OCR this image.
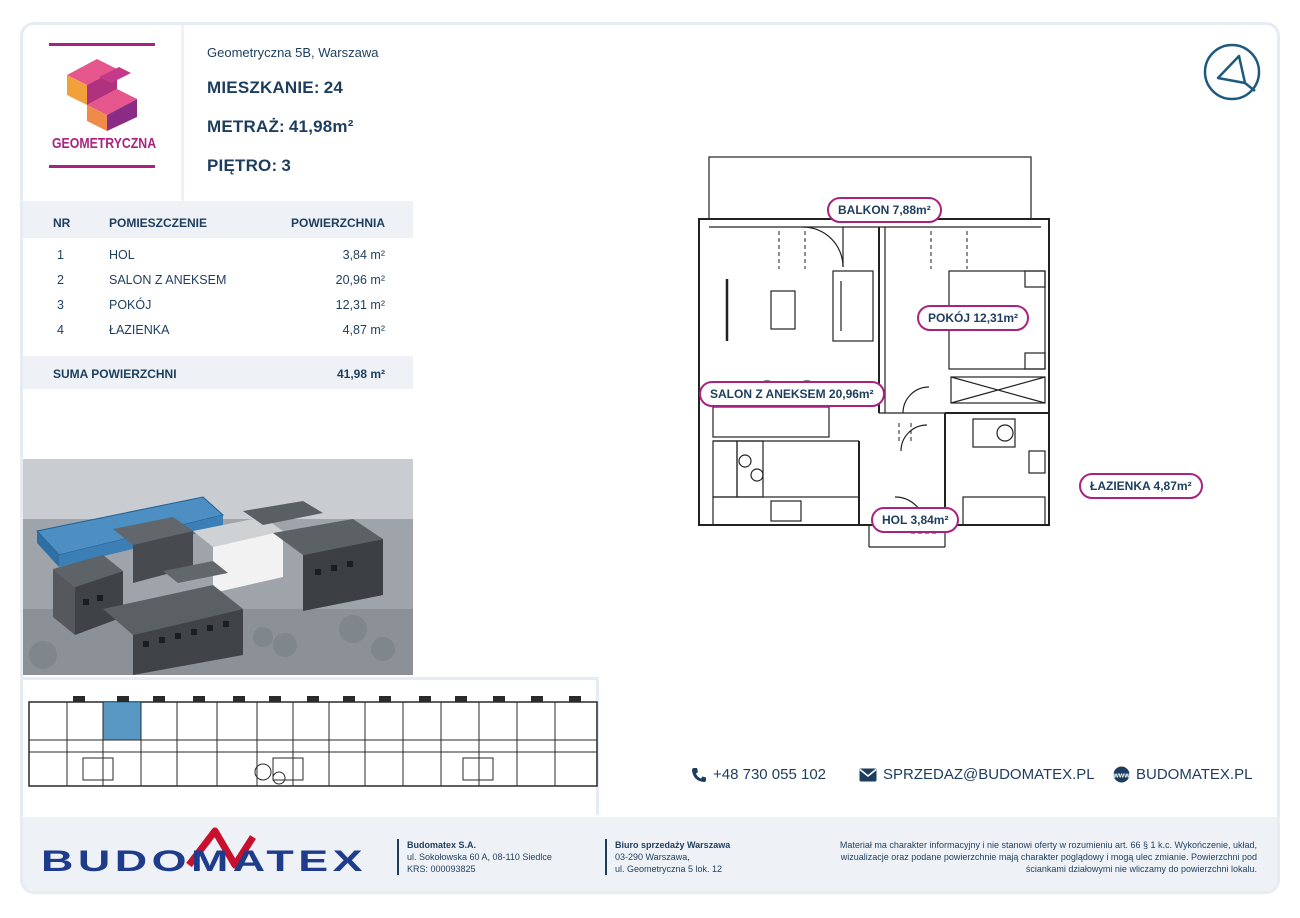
GEOMETRYCZNA
Geometryczna 5B, Warszawa
MIESZKANIE: 24
METRAŻ: 41,98m²
PIĘTRO: 3
NR	POMIESZCZENIE	POWIERZCHNIA
1	HOL	3,84 m²
2	SALON Z ANEKSEM	20,96 m²
3	POKÓJ	12,31 m²
4	ŁAZIENKA	4,87 m²
SUMA POWIERZCHNI	41,98 m²
BALKON 7,88m²
POKÓJ 12,31m²
SALON Z ANEKSEM 20,96m²
ŁAZIENKA 4,87m²
HOL 3,84m²
+48 730 055 102	SPRZEDAZ@BUDOMATEX.PL	www BUDOMATEX.PL
BUDOMATEX	Budomatex S.A.
ul. Sokołowska 60 A, 08-110 Siedlce
KRS: 000093825
Biuro sprzedaży Warszawa
03-290 Warszawa,
ul. Geometryczna 5 lok. 12
Materiał ma charakter informacyjny i nie stanowi oferty w rozumieniu art. 66 § 1 k.c. Wykończenie, układ,
wizualizacje oraz podane powierzchnie mają charakter poglądowy i mogą ulec zmianie. Powierzchni pod
ściankami działowymi nie wliczamy do powierzchni lokalu.
